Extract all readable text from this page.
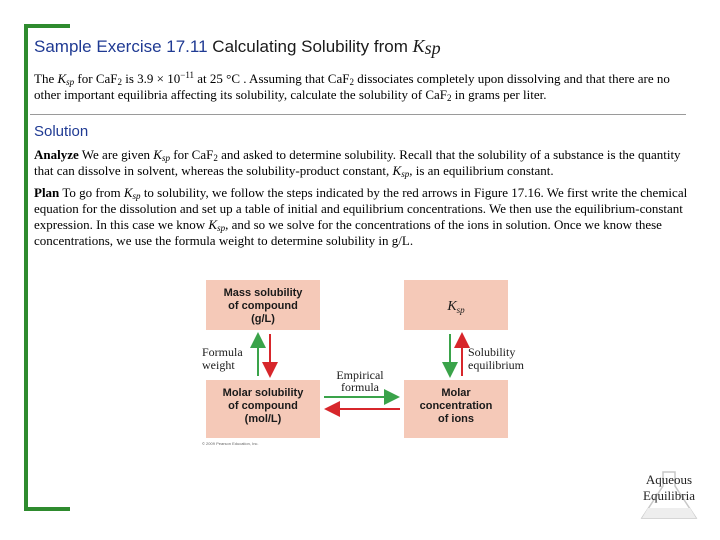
Sample Exercise 17.11 Calculating Solubility from $K_{sp}$
The $K_{sp}$ for CaF$_2$ is $3.9 \times 10^{-11}$ at 25 °C . Assuming that CaF$_2$ dissociates completely upon dissolving and that there are no other important equilibria affecting its solubility, calculate the solubility of CaF$_2$ in grams per liter.
Solution
Analyze We are given $K_{sp}$ for CaF$_2$ and asked to determine solubility. Recall that the solubility of a substance is the quantity that can dissolve in solvent, whereas the solubility-product constant, $K_{sp}$, is an equilibrium constant.
Plan To go from $K_{sp}$ to solubility, we follow the steps indicated by the red arrows in Figure 17.16. We first write the chemical equation for the dissolution and set up a table of initial and equilibrium concentrations. We then use the equilibrium-constant expression. In this case we know $K_{sp}$, and so we solve for the concentrations of the ions in solution. Once we know these concentrations, we use the formula weight to determine solubility in g/L.
Mass solubility
of compound
(g/L)
$K_{sp}$
Molar solubility
of compound
(mol/L)
Molar
concentration
of ions
Formula
weight
Solubility
equilibrium
Empirical
formula
© 2009 Pearson Education, Inc.
Aqueous
Equilibria
